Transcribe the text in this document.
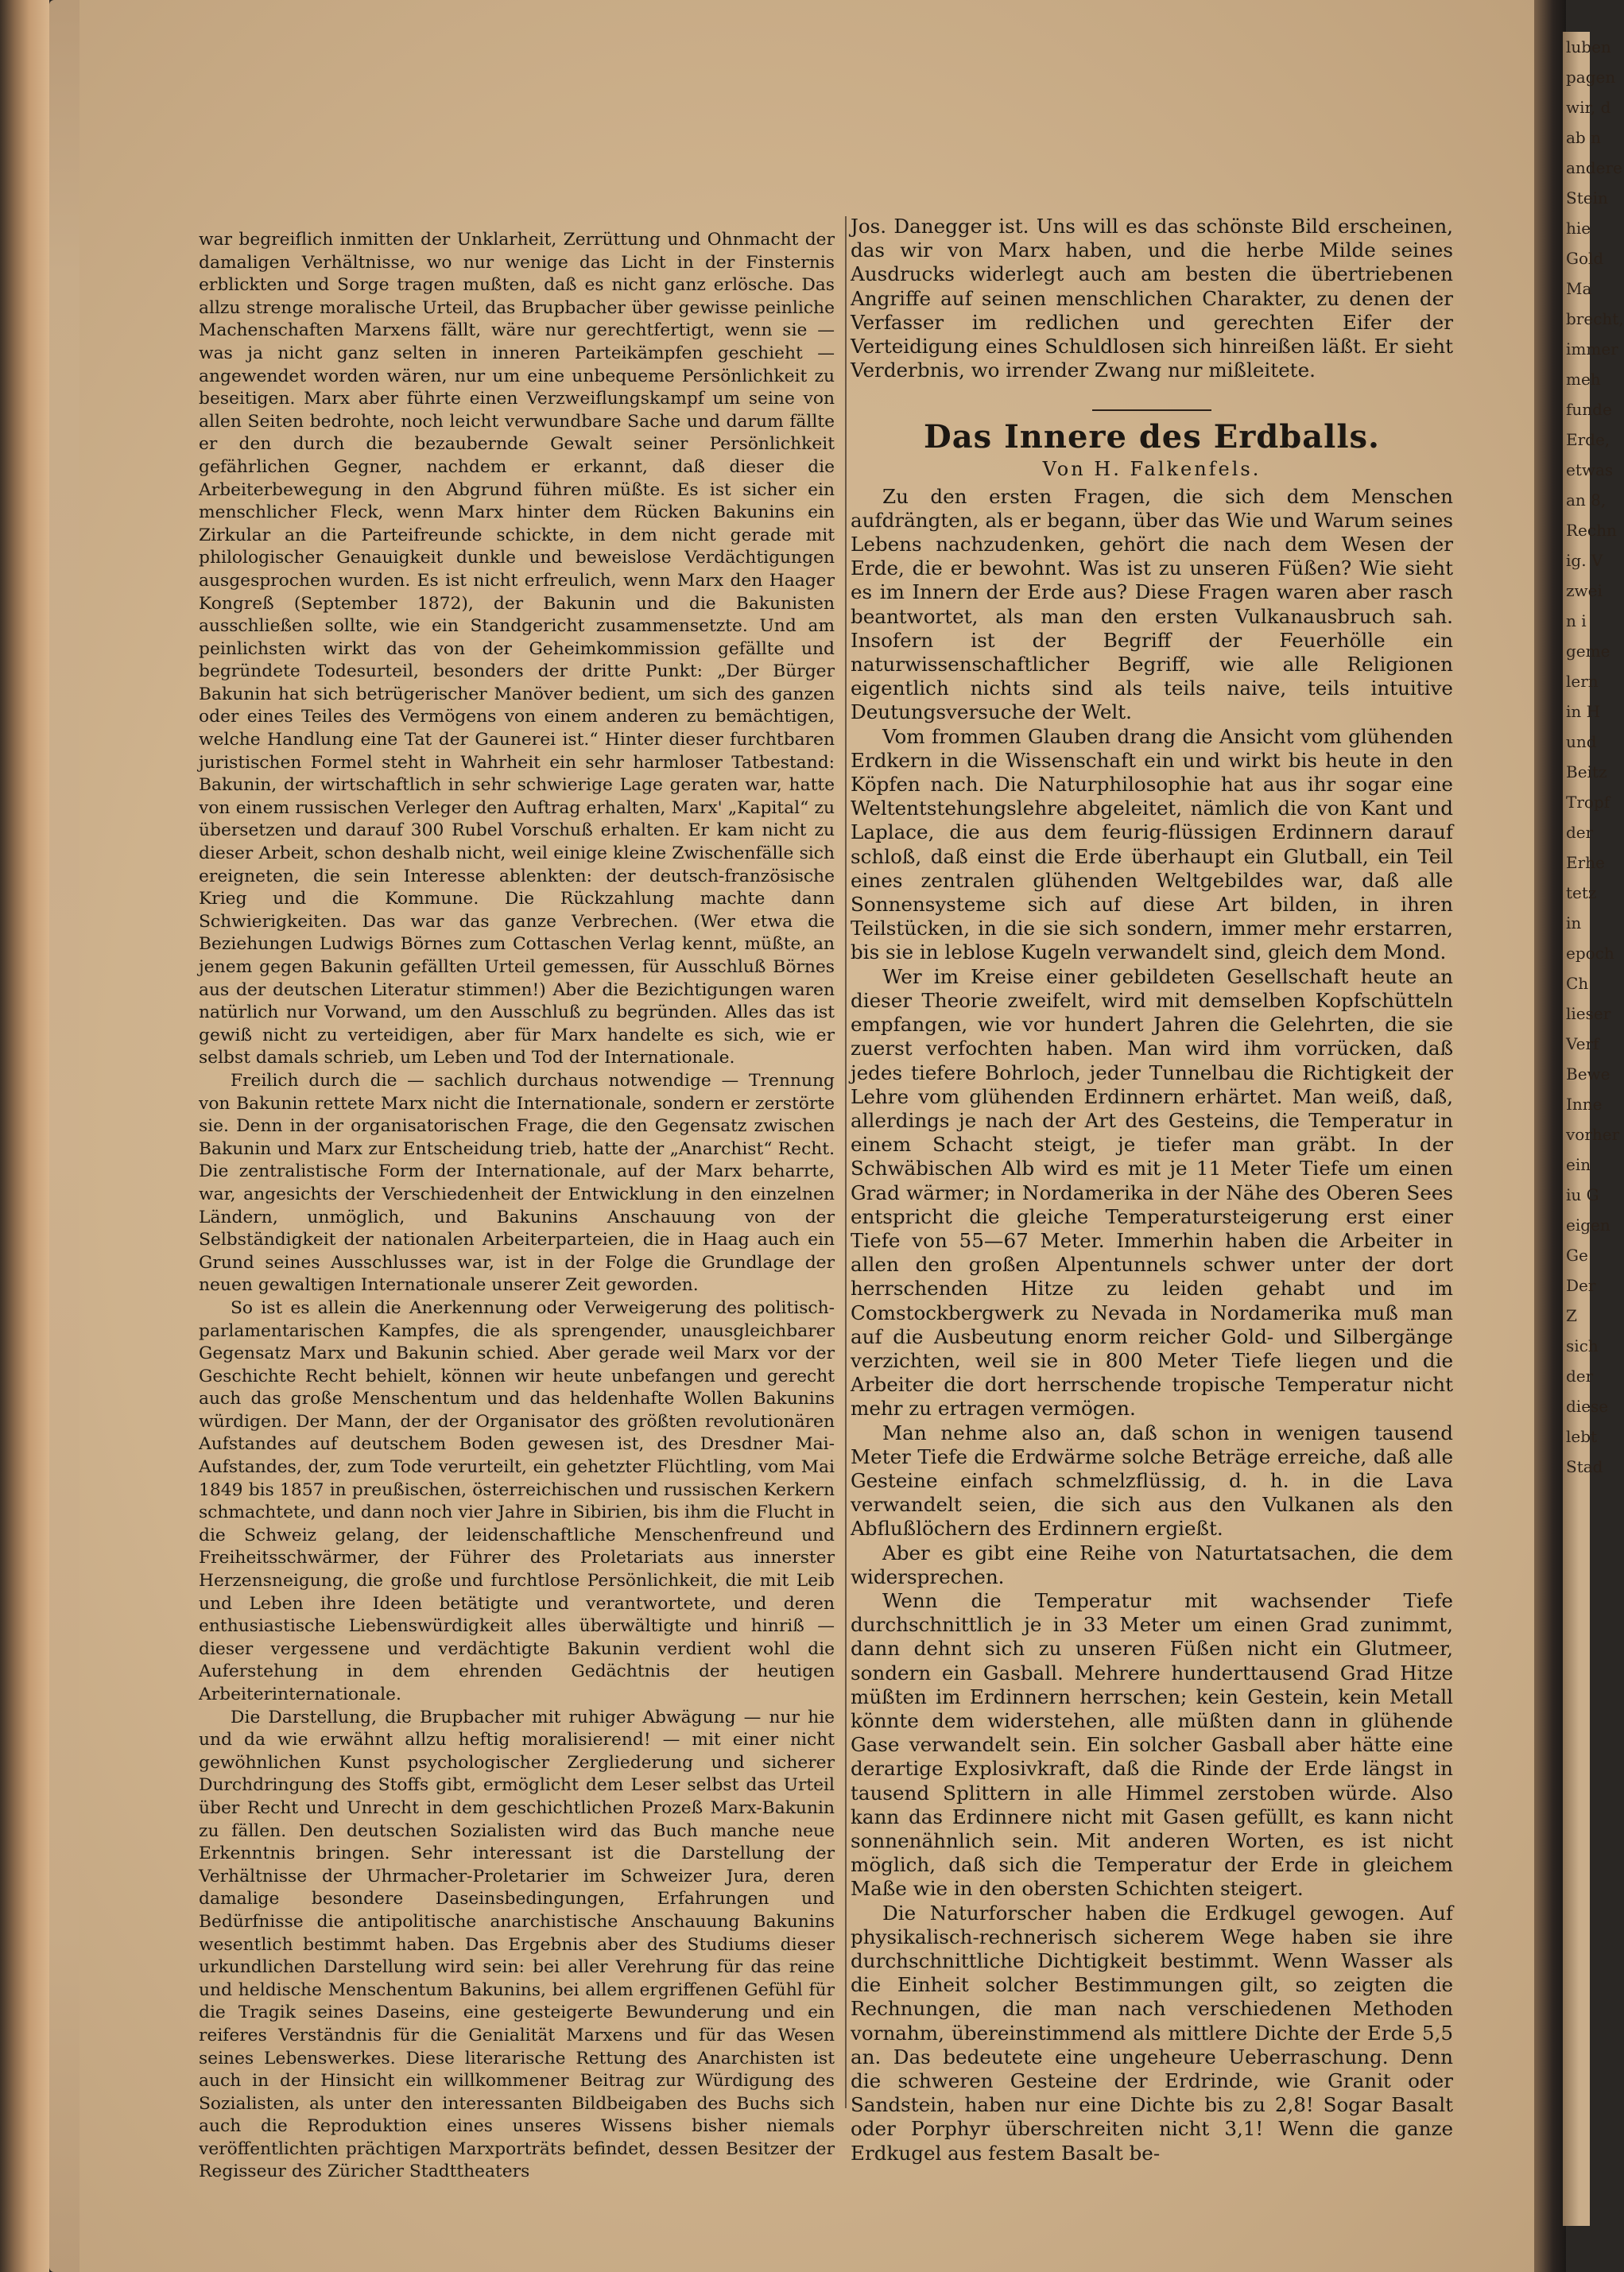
luben
pagen
wir, d
ab n
andere
Stein
hie
Gold
Ma
brecht,
immer
meh
funde
Erde,
etwas
an 8,
Rechn
ig. V
zwei
n i
geme
lern
in H
und
Beitz
Tropf
der
Erhe
tetz
in
epoch
Ch
lieser
Verf
Bewe
Inne
vorher
ein
iu G
eigen
Ge
Der
Z
sich
der
diese
lebt
Stad

war begreiflich inmitten der Unklarheit, Zerrüttung und Ohnmacht der damaligen Verhältnisse, wo nur wenige das Licht in der Finsternis erblickten und Sorge tragen mußten, daß es nicht ganz erlösche. Das allzu strenge moralische Urteil, das Brupbacher über gewisse peinliche Machenschaften Marxens fällt, wäre nur gerechtfertigt, wenn sie — was ja nicht ganz selten in inneren Parteikämpfen geschieht — angewendet worden wären, nur um eine unbequeme Persönlichkeit zu beseitigen. Marx aber führte einen Verzweiflungskampf um seine von allen Seiten bedrohte, noch leicht verwundbare Sache und darum fällte er den durch die bezaubernde Gewalt seiner Persönlichkeit gefährlichen Gegner, nachdem er erkannt, daß dieser die Arbeiterbewegung in den Abgrund führen müßte. Es ist sicher ein menschlicher Fleck, wenn Marx hinter dem Rücken Bakunins ein Zirkular an die Parteifreunde schickte, in dem nicht gerade mit philologischer Genauigkeit dunkle und beweislose Verdächtigungen ausgesprochen wurden. Es ist nicht erfreulich, wenn Marx den Haager Kongreß (September 1872), der Bakunin und die Bakunisten ausschließen sollte, wie ein Standgericht zusammensetzte. Und am peinlichsten wirkt das von der Geheimkommission gefällte und begründete Todesurteil, besonders der dritte Punkt: „Der Bürger Bakunin hat sich betrügerischer Manöver bedient, um sich des ganzen oder eines Teiles des Vermögens von einem anderen zu bemächtigen, welche Handlung eine Tat der Gaunerei ist.“ Hinter dieser furchtbaren juristischen Formel steht in Wahrheit ein sehr harmloser Tatbestand: Bakunin, der wirtschaftlich in sehr schwierige Lage geraten war, hatte von einem russischen Verleger den Auftrag erhalten, Marx' „Kapital“ zu übersetzen und darauf 300 Rubel Vorschuß erhalten. Er kam nicht zu dieser Arbeit, schon deshalb nicht, weil einige kleine Zwischenfälle sich ereigneten, die sein Interesse ablenkten: der deutsch-französische Krieg und die Kommune. Die Rückzahlung machte dann Schwierigkeiten. Das war das ganze Verbrechen. (Wer etwa die Beziehungen Ludwigs Börnes zum Cottaschen Verlag kennt, müßte, an jenem gegen Bakunin gefällten Urteil gemessen, für Ausschluß Börnes aus der deutschen Literatur stimmen!) Aber die Bezichtigungen waren natürlich nur Vorwand, um den Ausschluß zu begründen. Alles das ist gewiß nicht zu verteidigen, aber für Marx handelte es sich, wie er selbst damals schrieb, um Leben und Tod der Internationale.

Freilich durch die — sachlich durchaus notwendige — Trennung von Bakunin rettete Marx nicht die Internationale, sondern er zerstörte sie. Denn in der organisatorischen Frage, die den Gegensatz zwischen Bakunin und Marx zur Entscheidung trieb, hatte der „Anarchist“ Recht. Die zentralistische Form der Internationale, auf der Marx beharrte, war, angesichts der Verschiedenheit der Entwicklung in den einzelnen Ländern, unmöglich, und Bakunins Anschauung von der Selbständigkeit der nationalen Arbeiterparteien, die in Haag auch ein Grund seines Ausschlusses war, ist in der Folge die Grundlage der neuen gewaltigen Internationale unserer Zeit geworden.

So ist es allein die Anerkennung oder Verweigerung des politisch-parlamentarischen Kampfes, die als sprengender, unausgleichbarer Gegensatz Marx und Bakunin schied. Aber gerade weil Marx vor der Geschichte Recht behielt, können wir heute unbefangen und gerecht auch das große Menschentum und das heldenhafte Wollen Bakunins würdigen. Der Mann, der der Organisator des größten revolutionären Aufstandes auf deutschem Boden gewesen ist, des Dresdner Mai-Aufstandes, der, zum Tode verurteilt, ein gehetzter Flüchtling, vom Mai 1849 bis 1857 in preußischen, österreichischen und russischen Kerkern schmachtete, und dann noch vier Jahre in Sibirien, bis ihm die Flucht in die Schweiz gelang, der leidenschaftliche Menschenfreund und Freiheitsschwärmer, der Führer des Proletariats aus innerster Herzensneigung, die große und furchtlose Persönlichkeit, die mit Leib und Leben ihre Ideen betätigte und verantwortete, und deren enthusiastische Liebenswürdigkeit alles überwältigte und hinriß — dieser vergessene und verdächtigte Bakunin verdient wohl die Auferstehung in dem ehrenden Gedächtnis der heutigen Arbeiterinternationale.

Die Darstellung, die Brupbacher mit ruhiger Abwägung — nur hie und da wie erwähnt allzu heftig moralisierend! — mit einer nicht gewöhnlichen Kunst psychologischer Zergliederung und sicherer Durchdringung des Stoffs gibt, ermöglicht dem Leser selbst das Urteil über Recht und Unrecht in dem geschichtlichen Prozeß Marx-Bakunin zu fällen. Den deutschen Sozialisten wird das Buch manche neue Erkenntnis bringen. Sehr interessant ist die Darstellung der Verhältnisse der Uhrmacher-Proletarier im Schweizer Jura, deren damalige besondere Daseinsbedingungen, Erfahrungen und Bedürfnisse die antipolitische anarchistische Anschauung Bakunins wesentlich bestimmt haben. Das Ergebnis aber des Studiums dieser urkundlichen Darstellung wird sein: bei aller Verehrung für das reine und heldische Menschentum Bakunins, bei allem ergriffenen Gefühl für die Tragik seines Daseins, eine gesteigerte Bewunderung und ein reiferes Verständnis für die Genialität Marxens und für das Wesen seines Lebenswerkes. Diese literarische Rettung des Anarchisten ist auch in der Hinsicht ein willkommener Beitrag zur Würdigung des Sozialisten, als unter den interessanten Bildbeigaben des Buchs sich auch die Reproduktion eines unseres Wissens bisher niemals veröffentlichten prächtigen Marxporträts befindet, dessen Besitzer der Regisseur des Züricher Stadttheaters

Jos. Danegger ist. Uns will es das schönste Bild erscheinen, das wir von Marx haben, und die herbe Milde seines Ausdrucks widerlegt auch am besten die übertriebenen Angriffe auf seinen menschlichen Charakter, zu denen der Verfasser im redlichen und gerechten Eifer der Verteidigung eines Schuldlosen sich hinreißen läßt. Er sieht Verderbnis, wo irrender Zwang nur mißleitete.

Das Innere des Erdballs.
Von H. Falkenfels.

Zu den ersten Fragen, die sich dem Menschen aufdrängten, als er begann, über das Wie und Warum seines Lebens nachzudenken, gehört die nach dem Wesen der Erde, die er bewohnt. Was ist zu unseren Füßen? Wie sieht es im Innern der Erde aus? Diese Fragen waren aber rasch beantwortet, als man den ersten Vulkanausbruch sah. Insofern ist der Begriff der Feuerhölle ein naturwissenschaftlicher Begriff, wie alle Religionen eigentlich nichts sind als teils naive, teils intuitive Deutungsversuche der Welt.

Vom frommen Glauben drang die Ansicht vom glühenden Erdkern in die Wissenschaft ein und wirkt bis heute in den Köpfen nach. Die Naturphilosophie hat aus ihr sogar eine Weltentstehungslehre abgeleitet, nämlich die von Kant und Laplace, die aus dem feurig-flüssigen Erdinnern darauf schloß, daß einst die Erde überhaupt ein Glutball, ein Teil eines zentralen glühenden Weltgebildes war, daß alle Sonnensysteme sich auf diese Art bilden, in ihren Teilstücken, in die sie sich sondern, immer mehr erstarren, bis sie in leblose Kugeln verwandelt sind, gleich dem Mond.

Wer im Kreise einer gebildeten Gesellschaft heute an dieser Theorie zweifelt, wird mit demselben Kopfschütteln empfangen, wie vor hundert Jahren die Gelehrten, die sie zuerst verfochten haben. Man wird ihm vorrücken, daß jedes tiefere Bohrloch, jeder Tunnelbau die Richtigkeit der Lehre vom glühenden Erdinnern erhärtet. Man weiß, daß, allerdings je nach der Art des Gesteins, die Temperatur in einem Schacht steigt, je tiefer man gräbt. In der Schwäbischen Alb wird es mit je 11 Meter Tiefe um einen Grad wärmer; in Nordamerika in der Nähe des Oberen Sees entspricht die gleiche Temperatursteigerung erst einer Tiefe von 55—67 Meter. Immerhin haben die Arbeiter in allen den großen Alpentunnels schwer unter der dort herrschenden Hitze zu leiden gehabt und im Comstockbergwerk zu Nevada in Nordamerika muß man auf die Ausbeutung enorm reicher Gold- und Silbergänge verzichten, weil sie in 800 Meter Tiefe liegen und die Arbeiter die dort herrschende tropische Temperatur nicht mehr zu ertragen vermögen.

Man nehme also an, daß schon in wenigen tausend Meter Tiefe die Erdwärme solche Beträge erreiche, daß alle Gesteine einfach schmelzflüssig, d. h. in die Lava verwandelt seien, die sich aus den Vulkanen als den Abflußlöchern des Erdinnern ergießt.

Aber es gibt eine Reihe von Naturtatsachen, die dem widersprechen.

Wenn die Temperatur mit wachsender Tiefe durchschnittlich je in 33 Meter um einen Grad zunimmt, dann dehnt sich zu unseren Füßen nicht ein Glutmeer, sondern ein Gasball. Mehrere hunderttausend Grad Hitze müßten im Erdinnern herrschen; kein Gestein, kein Metall könnte dem widerstehen, alle müßten dann in glühende Gase verwandelt sein. Ein solcher Gasball aber hätte eine derartige Explosivkraft, daß die Rinde der Erde längst in tausend Splittern in alle Himmel zerstoben würde. Also kann das Erdinnere nicht mit Gasen gefüllt, es kann nicht sonnenähnlich sein. Mit anderen Worten, es ist nicht möglich, daß sich die Temperatur der Erde in gleichem Maße wie in den obersten Schichten steigert.

Die Naturforscher haben die Erdkugel gewogen. Auf physikalisch-rechnerisch sicherem Wege haben sie ihre durchschnittliche Dichtigkeit bestimmt. Wenn Wasser als die Einheit solcher Bestimmungen gilt, so zeigten die Rechnungen, die man nach verschiedenen Methoden vornahm, übereinstimmend als mittlere Dichte der Erde 5,5 an. Das bedeutete eine ungeheure Ueberraschung. Denn die schweren Gesteine der Erdrinde, wie Granit oder Sandstein, haben nur eine Dichte bis zu 2,8! Sogar Basalt oder Porphyr überschreiten nicht 3,1! Wenn die ganze Erdkugel aus festem Basalt be-
